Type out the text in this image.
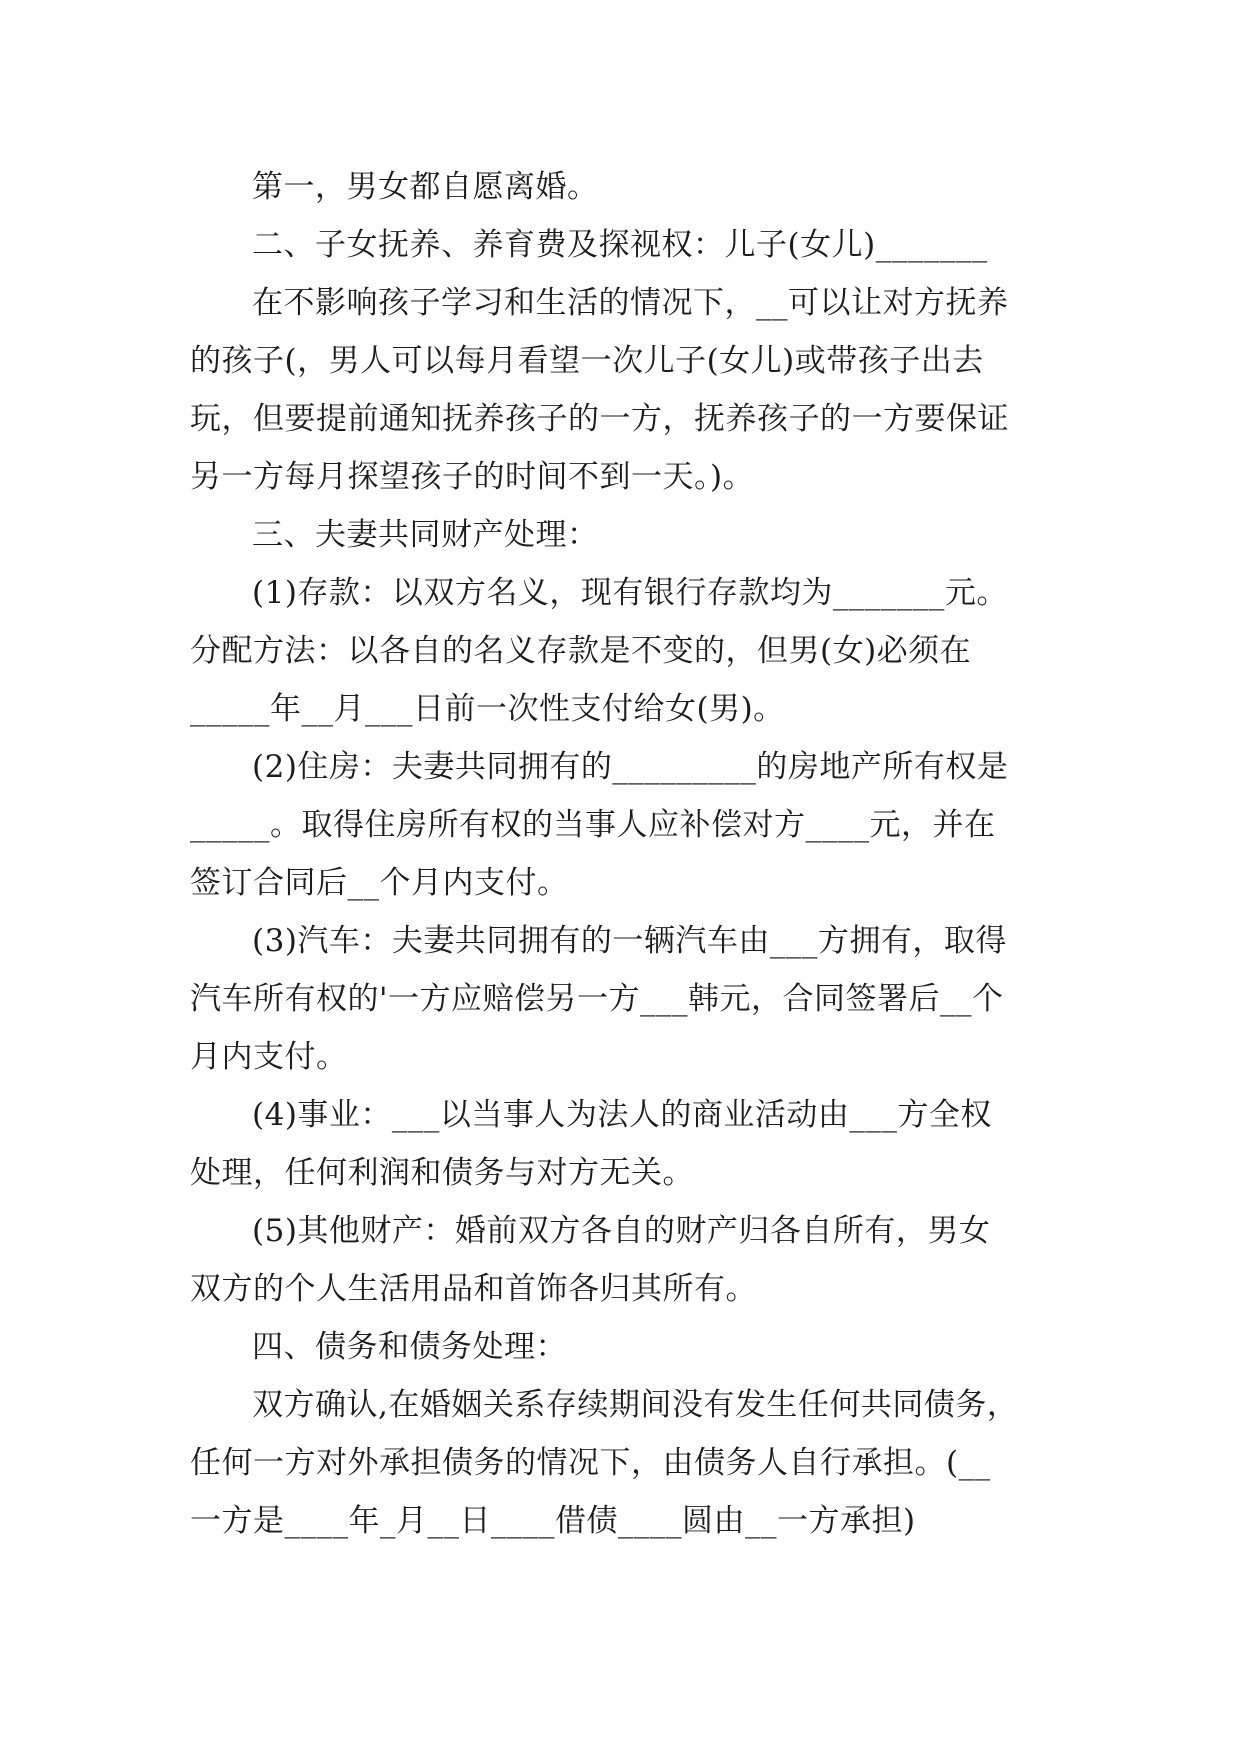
第一，男女都自愿离婚。

二、子女抚养、养育费及探视权：儿子(女儿)_______

在不影响孩子学习和生活的情况下，__可以让对方抚养
的孩子(，男人可以每月看望一次儿子(女儿)或带孩子出去
玩，但要提前通知抚养孩子的一方，抚养孩子的一方要保证
另一方每月探望孩子的时间不到一天。)。

三、夫妻共同财产处理：

(1)存款：以双方名义，现有银行存款均为_______元。
分配方法：以各自的名义存款是不变的，但男(女)必须在
_____年__月___日前一次性支付给女(男)。

(2)住房：夫妻共同拥有的_________的房地产所有权是
_____。取得住房所有权的当事人应补偿对方____元，并在
签订合同后__个月内支付。

(3)汽车：夫妻共同拥有的一辆汽车由___方拥有，取得
汽车所有权的'一方应赔偿另一方___韩元，合同签署后__个
月内支付。

(4)事业：___以当事人为法人的商业活动由___方全权
处理，任何利润和债务与对方无关。

(5)其他财产：婚前双方各自的财产归各自所有，男女
双方的个人生活用品和首饰各归其所有。

四、债务和债务处理：

双方确认,在婚姻关系存续期间没有发生任何共同债务，
任何一方对外承担债务的情况下，由债务人自行承担。(__
一方是____年_月__日____借债____圆由__一方承担)
